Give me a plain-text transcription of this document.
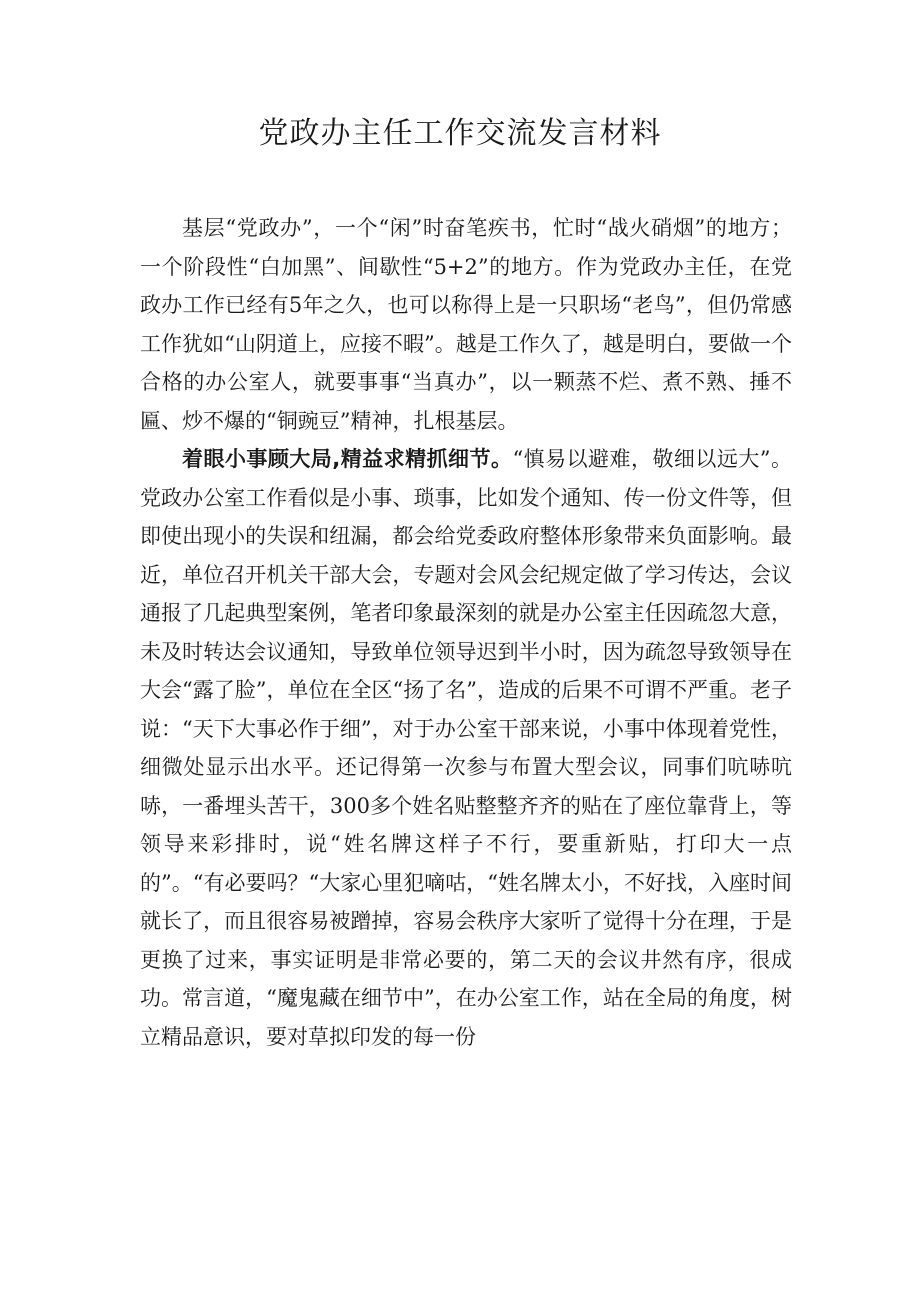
党政办主任工作交流发言材料

基层“党政办”，一个“闲”时奋笔疾书，忙时“战火硝烟”的地方；一个阶段性“白加黑”、间歇性“5+2”的地方。作为党政办主任，在党政办工作已经有5年之久，也可以称得上是一只职场“老鸟”，但仍常感工作犹如“山阴道上，应接不暇”。越是工作久了，越是明白，要做一个合格的办公室人，就要事事“当真办”，以一颗蒸不烂、煮不熟、捶不匾、炒不爆的“铜豌豆”精神，扎根基层。

着眼小事顾大局,精益求精抓细节。“慎易以避难，敬细以远大”。党政办公室工作看似是小事、琐事，比如发个通知、传一份文件等，但即使出现小的失误和纽漏，都会给党委政府整体形象带来负面影响。最近，单位召开机关干部大会，专题对会风会纪规定做了学习传达，会议通报了几起典型案例，笔者印象最深刻的就是办公室主任因疏忽大意，未及时转达会议通知，导致单位领导迟到半小时，因为疏忽导致领导在大会“露了脸”，单位在全区“扬了名”，造成的后果不可谓不严重。老子说：“天下大事必作于细”，对于办公室干部来说，小事中体现着党性，细微处显示出水平。还记得第一次参与布置大型会议，同事们吭哧吭哧，一番埋头苦干，300多个姓名贴整整齐齐的贴在了座位靠背上，等领导来彩排时，说“姓名牌这样子不行，要重新贴，打印大一点的”。“有必要吗？“大家心里犯嘀咕，“姓名牌太小，不好找，入座时间就长了，而且很容易被蹭掉，容易会秩序大家听了觉得十分在理，于是更换了过来，事实证明是非常必要的，第二天的会议井然有序，很成功。常言道，“魔鬼藏在细节中”，在办公室工作，站在全局的角度，树立精品意识，要对草拟印发的每一份
